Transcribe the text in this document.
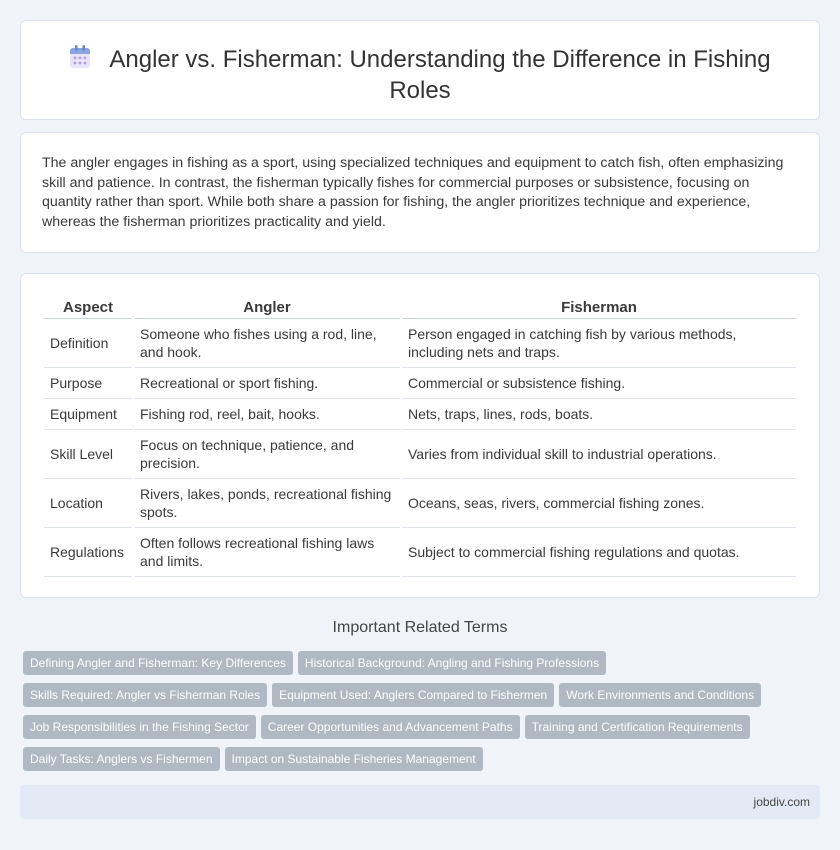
Angler vs. Fisherman: Understanding the Difference in Fishing Roles

The angler engages in fishing as a sport, using specialized techniques and equipment to catch fish, often emphasizing skill and patience. In contrast, the fisherman typically fishes for commercial purposes or subsistence, focusing on quantity rather than sport. While both share a passion for fishing, the angler prioritizes technique and experience, whereas the fisherman prioritizes practicality and yield.

Aspect	Angler	Fisherman
Definition	Someone who fishes using a rod, line, and hook.	Person engaged in catching fish by various methods, including nets and traps.
Purpose	Recreational or sport fishing.	Commercial or subsistence fishing.
Equipment	Fishing rod, reel, bait, hooks.	Nets, traps, lines, rods, boats.
Skill Level	Focus on technique, patience, and precision.	Varies from individual skill to industrial operations.
Location	Rivers, lakes, ponds, recreational fishing spots.	Oceans, seas, rivers, commercial fishing zones.
Regulations	Often follows recreational fishing laws and limits.	Subject to commercial fishing regulations and quotas.
Important Related Terms
Defining Angler and Fisherman: Key Differences Historical Background: Angling and Fishing Professions
Skills Required: Angler vs Fisherman Roles Equipment Used: Anglers Compared to Fishermen Work Environments and Conditions
Job Responsibilities in the Fishing Sector Career Opportunities and Advancement Paths Training and Certification Requirements
Daily Tasks: Anglers vs Fishermen Impact on Sustainable Fisheries Management
jobdiv.com
